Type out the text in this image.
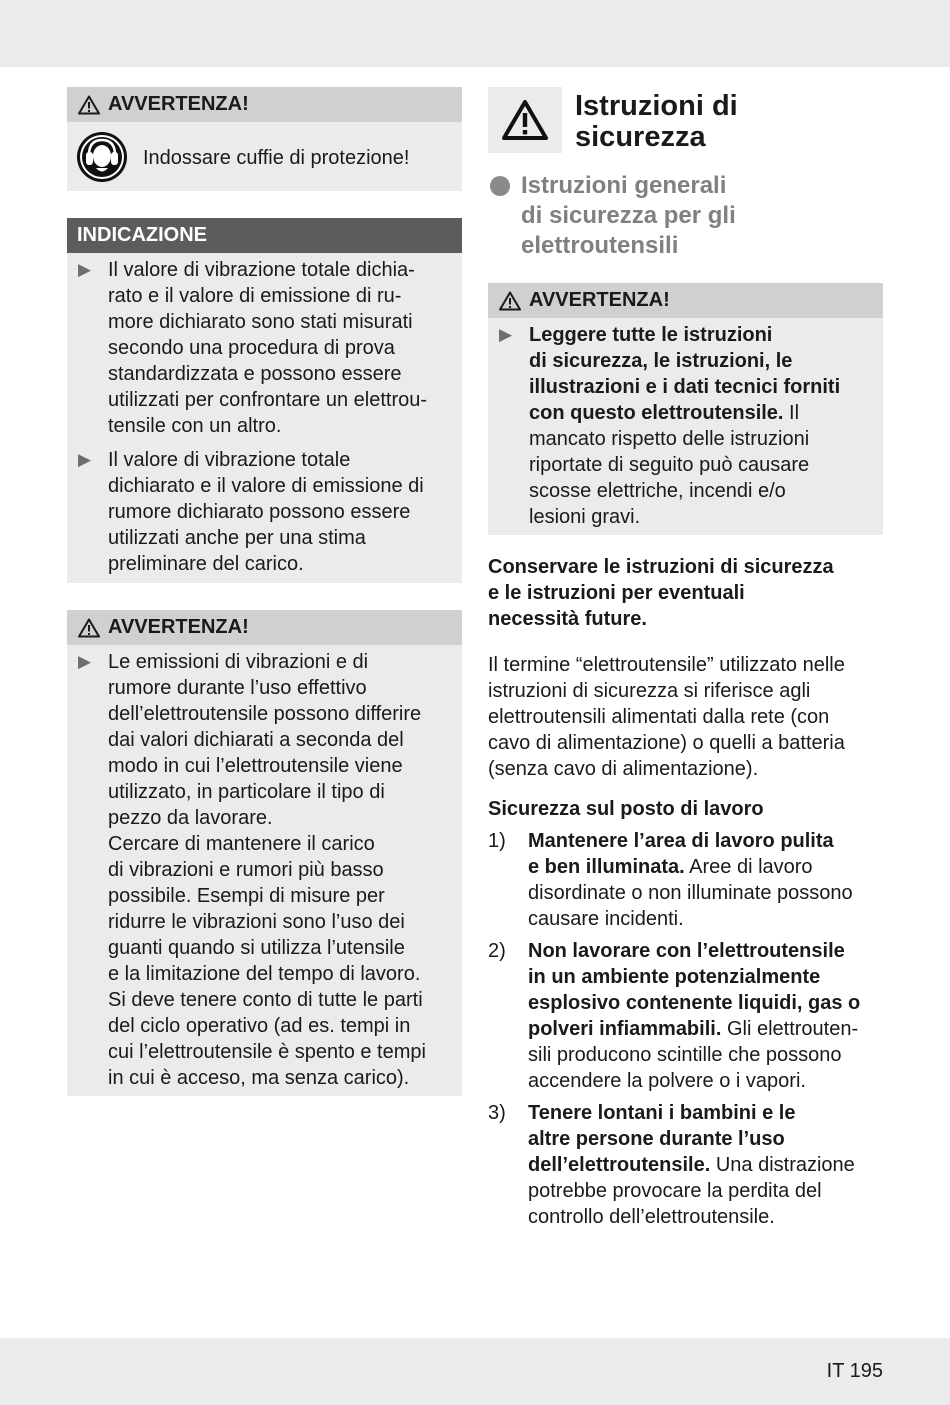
AVVERTENZA!
Indossare cuffie di protezione!
INDICAZIONE
▶ Il valore di vibrazione totale dichia-
rato e il valore di emissione di ru-
more dichiarato sono stati misurati
secondo una procedura di prova
standardizzata e possono essere
utilizzati per confrontare un elettrou-
tensile con un altro.
▶ Il valore di vibrazione totale
dichiarato e il valore di emissione di
rumore dichiarato possono essere
utilizzati anche per una stima
preliminare del carico.
AVVERTENZA!
▶ Le emissioni di vibrazioni e di
rumore durante l’uso effettivo
dell’elettroutensile possono differire
dai valori dichiarati a seconda del
modo in cui l’elettroutensile viene
utilizzato, in particolare il tipo di
pezzo da lavorare.
Cercare di mantenere il carico
di vibrazioni e rumori più basso
possibile. Esempi di misure per
ridurre le vibrazioni sono l’uso dei
guanti quando si utilizza l’utensile
e la limitazione del tempo di lavoro.
Si deve tenere conto di tutte le parti
del ciclo operativo (ad es. tempi in
cui l’elettroutensile è spento e tempi
in cui è acceso, ma senza carico).
Istruzioni di
sicurezza
Istruzioni generali
di sicurezza per gli
elettroutensili
AVVERTENZA!
▶ Leggere tutte le istruzioni
di sicurezza, le istruzioni, le
illustrazioni e i dati tecnici forniti
con questo elettroutensile. Il
mancato rispetto delle istruzioni
riportate di seguito può causare
scosse elettriche, incendi e/o
lesioni gravi.
Conservare le istruzioni di sicurezza
e le istruzioni per eventuali
necessità future.
Il termine “elettroutensile” utilizzato nelle
istruzioni di sicurezza si riferisce agli
elettroutensili alimentati dalla rete (con
cavo di alimentazione) o quelli a batteria
(senza cavo di alimentazione).
Sicurezza sul posto di lavoro
1)	Mantenere l’area di lavoro pulita
e ben illuminata. Aree di lavoro
disordinate o non illuminate possono
causare incidenti.
2)	Non lavorare con l’elettroutensile
in un ambiente potenzialmente
esplosivo contenente liquidi, gas o
polveri infiammabili. Gli elettrouten-
sili producono scintille che possono
accendere la polvere o i vapori.
3)	Tenere lontani i bambini e le
altre persone durante l’uso
dell’elettroutensile. Una distrazione
potrebbe provocare la perdita del
controllo dell’elettroutensile.
IT 195
